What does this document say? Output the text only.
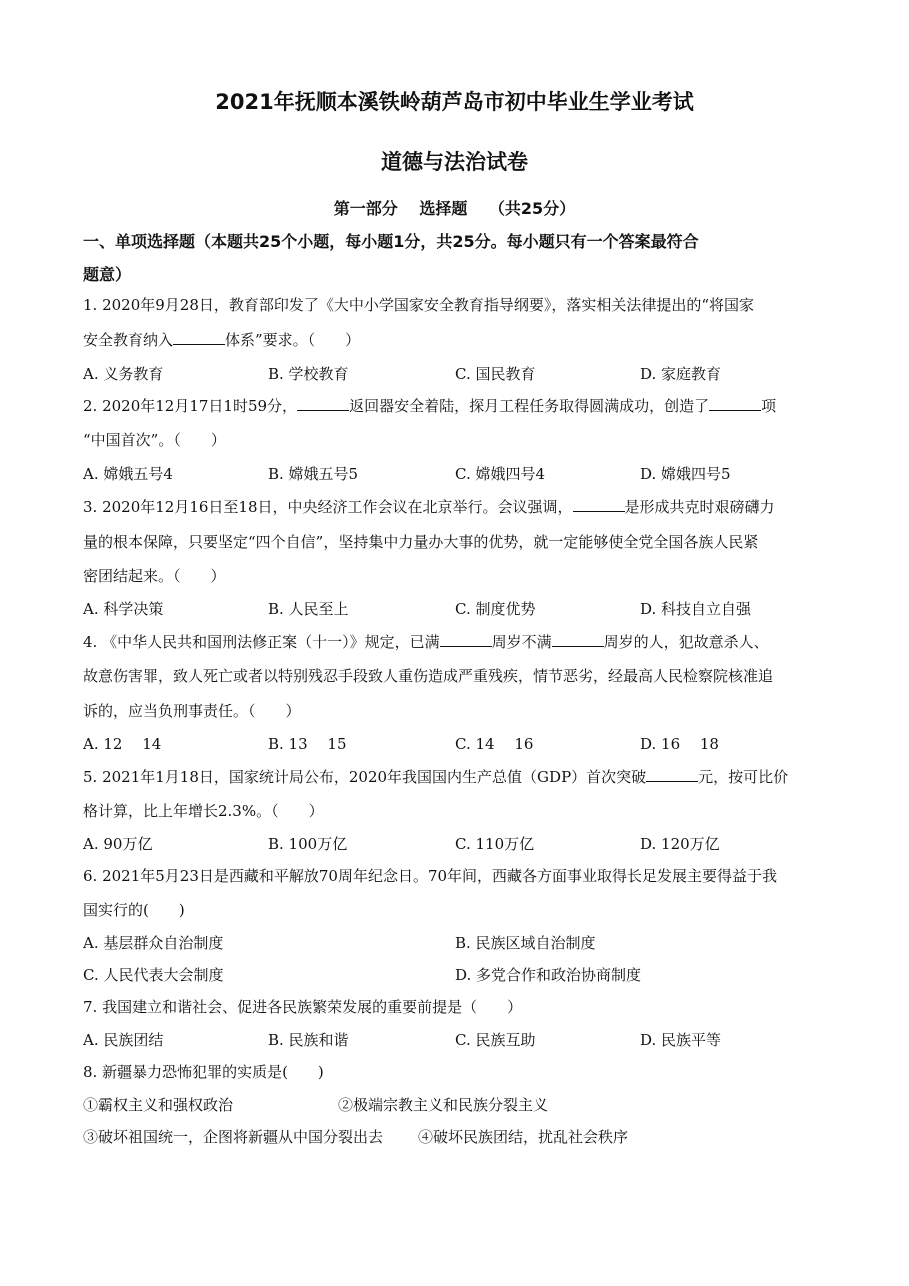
2021年抚顺本溪铁岭葫芦岛市初中毕业生学业考试
道德与法治试卷
第一部分　 选择题　 （共25分）
一、单项选择题（本题共25个小题，每小题1分，共25分。每小题只有一个答案最符合
题意）
1. 2020年9月28日，教育部印发了《大中小学国家安全教育指导纲要》，落实相关法律提出的“将国家
安全教育纳入	体系”要求。（　　）
A. 义务教育	B. 学校教育	C. 国民教育	D. 家庭教育
2. 2020年12月17日1时59分，	返回器安全着陆，探月工程任务取得圆满成功，创造了	项
“中国首次”。（　　）
A. 嫦娥五号4	B. 嫦娥五号5	C. 嫦娥四号4	D. 嫦娥四号5
3. 2020年12月16日至18日，中央经济工作会议在北京举行。会议强调，	是形成共克时艰磅礴力
量的根本保障，只要坚定“四个自信”，坚持集中力量办大事的优势，就一定能够使全党全国各族人民紧
密团结起来。（　　）
A. 科学决策	B. 人民至上	C. 制度优势	D. 科技自立自强
4. 《中华人民共和国刑法修正案（十一）》规定，已满	周岁不满	周岁的人，犯故意杀人、
故意伤害罪，致人死亡或者以特别残忍手段致人重伤造成严重残疾，情节恶劣，经最高人民检察院核准追
诉的，应当负刑事责任。（　　）
A. 12　 14	B. 13　 15	C. 14　 16	D. 16　 18
5. 2021年1月18日，国家统计局公布，2020年我国国内生产总值（GDP）首次突破	元，按可比价
格计算，比上年增长2.3%。（　　）
A. 90万亿	B. 100万亿	C. 110万亿	D. 120万亿
6. 2021年5月23日是西藏和平解放70周年纪念日。70年间，西藏各方面事业取得长足发展主要得益于我
国实行的(　　)
A. 基层群众自治制度	B. 民族区域自治制度
C. 人民代表大会制度	D. 多党合作和政治协商制度
7. 我国建立和谐社会、促进各民族繁荣发展的重要前提是（　　）
A. 民族团结	B. 民族和谐	C. 民族互助	D. 民族平等
8. 新疆暴力恐怖犯罪的实质是(　　)
①霸权主义和强权政治	②极端宗教主义和民族分裂主义
③破坏祖国统一，企图将新疆从中国分裂出去 ④破坏民族团结，扰乱社会秩序
